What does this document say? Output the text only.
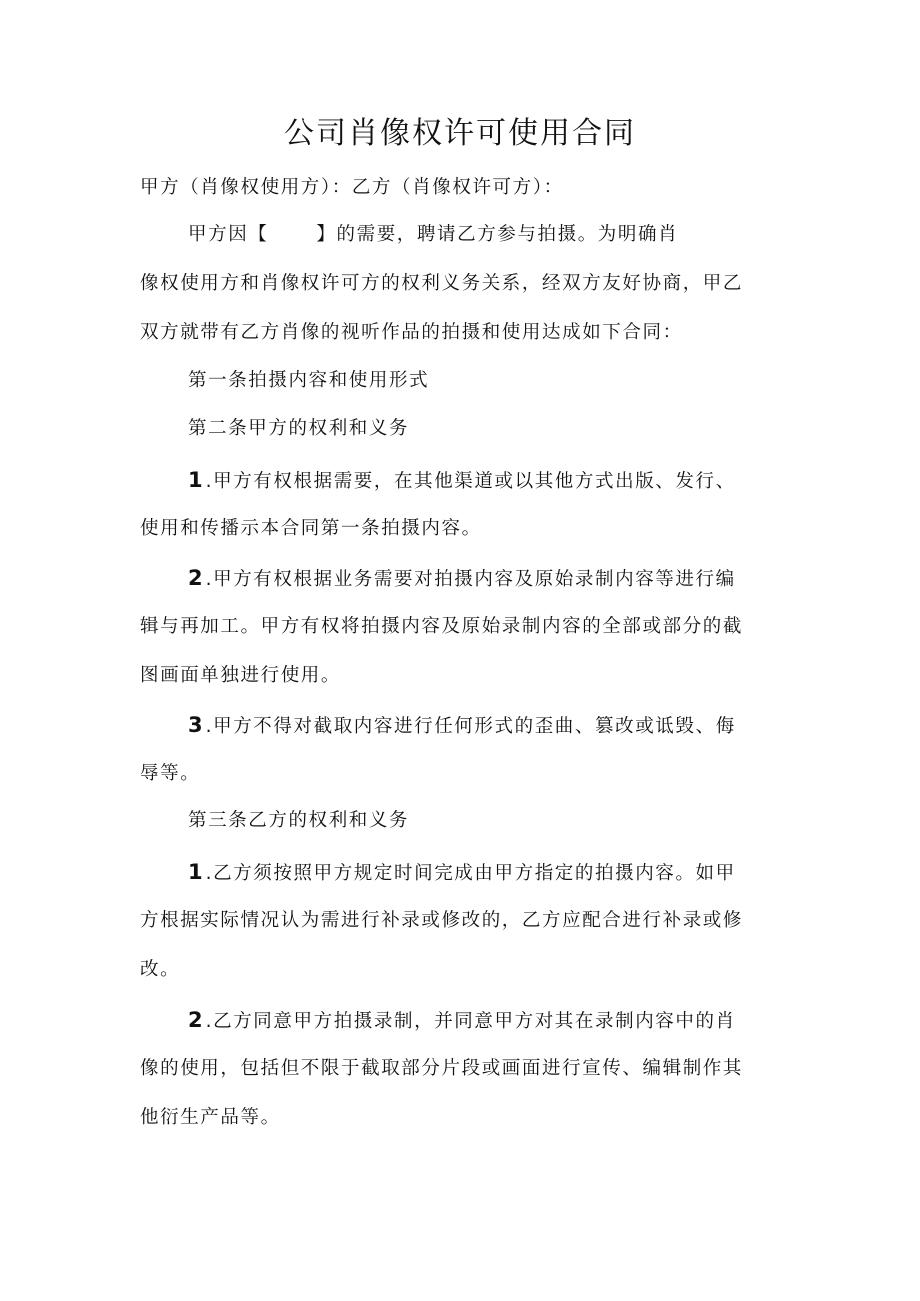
公司肖像权许可使用合同

甲方（肖像权使用方）：乙方（肖像权许可方）：

甲方因【	】的需要，聘请乙方参与拍摄。为明确肖

像权使用方和肖像权许可方的权利义务关系，经双方友好协商，甲乙

双方就带有乙方肖像的视听作品的拍摄和使用达成如下合同：

第一条拍摄内容和使用形式

第二条甲方的权利和义务

1.甲方有权根据需要，在其他渠道或以其他方式出版、发行、

使用和传播示本合同第一条拍摄内容。

2.甲方有权根据业务需要对拍摄内容及原始录制内容等进行编

辑与再加工。甲方有权将拍摄内容及原始录制内容的全部或部分的截

图画面单独进行使用。

3.甲方不得对截取内容进行任何形式的歪曲、篡改或诋毁、侮

辱等。

第三条乙方的权利和义务

1.乙方须按照甲方规定时间完成由甲方指定的拍摄内容。如甲

方根据实际情况认为需进行补录或修改的，乙方应配合进行补录或修

改。

2.乙方同意甲方拍摄录制，并同意甲方对其在录制内容中的肖

像的使用，包括但不限于截取部分片段或画面进行宣传、编辑制作其

他衍生产品等。
